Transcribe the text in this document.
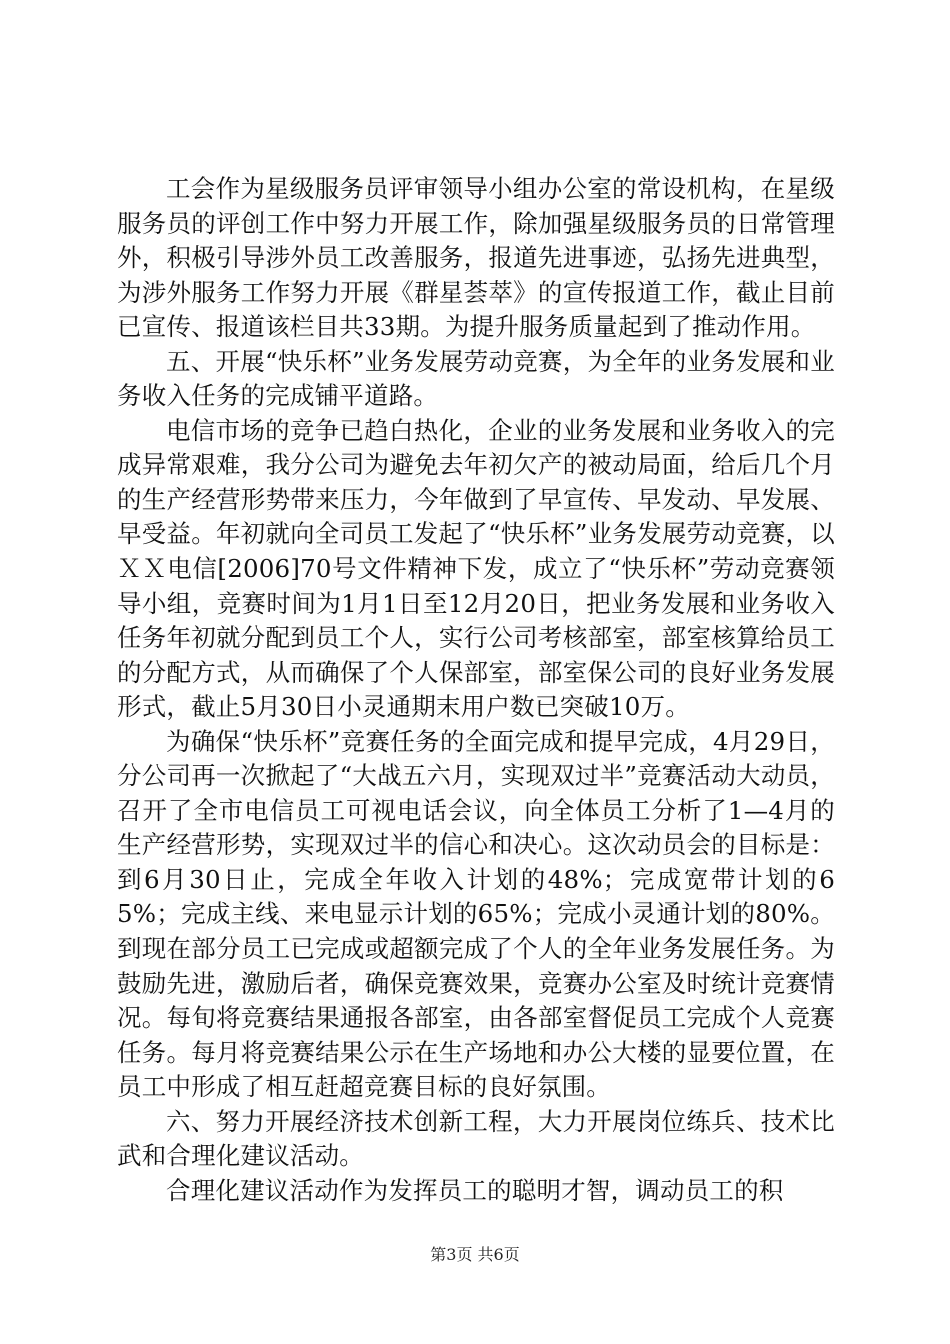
工会作为星级服务员评审领导小组办公室的常设机构，在星级服务员的评创工作中努力开展工作，除加强星级服务员的日常管理外，积极引导涉外员工改善服务，报道先进事迹，弘扬先进典型，为涉外服务工作努力开展《群星荟萃》的宣传报道工作，截止目前已宣传、报道该栏目共33期。为提升服务质量起到了推动作用。

五、开展“快乐杯”业务发展劳动竞赛，为全年的业务发展和业务收入任务的完成铺平道路。

电信市场的竞争已趋白热化，企业的业务发展和业务收入的完成异常艰难，我分公司为避免去年初欠产的被动局面，给后几个月的生产经营形势带来压力，今年做到了早宣传、早发动、早发展、早受益。年初就向全司员工发起了“快乐杯”业务发展劳动竞赛，以ＸＸ电信[2006]70号文件精神下发，成立了“快乐杯”劳动竞赛领导小组，竞赛时间为1月1日至12月20日，把业务发展和业务收入任务年初就分配到员工个人，实行公司考核部室，部室核算给员工的分配方式，从而确保了个人保部室，部室保公司的良好业务发展形式，截止5月30日小灵通期末用户数已突破10万。

为确保“快乐杯”竞赛任务的全面完成和提早完成，4月29日，分公司再一次掀起了“大战五六月，实现双过半”竞赛活动大动员，召开了全市电信员工可视电话会议，向全体员工分析了1—4月的生产经营形势，实现双过半的信心和决心。这次动员会的目标是：到6月30日止，完成全年收入计划的48%；完成宽带计划的65%；完成主线、来电显示计划的65%；完成小灵通计划的80%。到现在部分员工已完成或超额完成了个人的全年业务发展任务。为鼓励先进，激励后者，确保竞赛效果，竞赛办公室及时统计竞赛情况。每旬将竞赛结果通报各部室，由各部室督促员工完成个人竞赛任务。每月将竞赛结果公示在生产场地和办公大楼的显要位置，在员工中形成了相互赶超竞赛目标的良好氛围。

六、努力开展经济技术创新工程，大力开展岗位练兵、技术比武和合理化建议活动。

合理化建议活动作为发挥员工的聪明才智，调动员工的积

第3页 共6页
